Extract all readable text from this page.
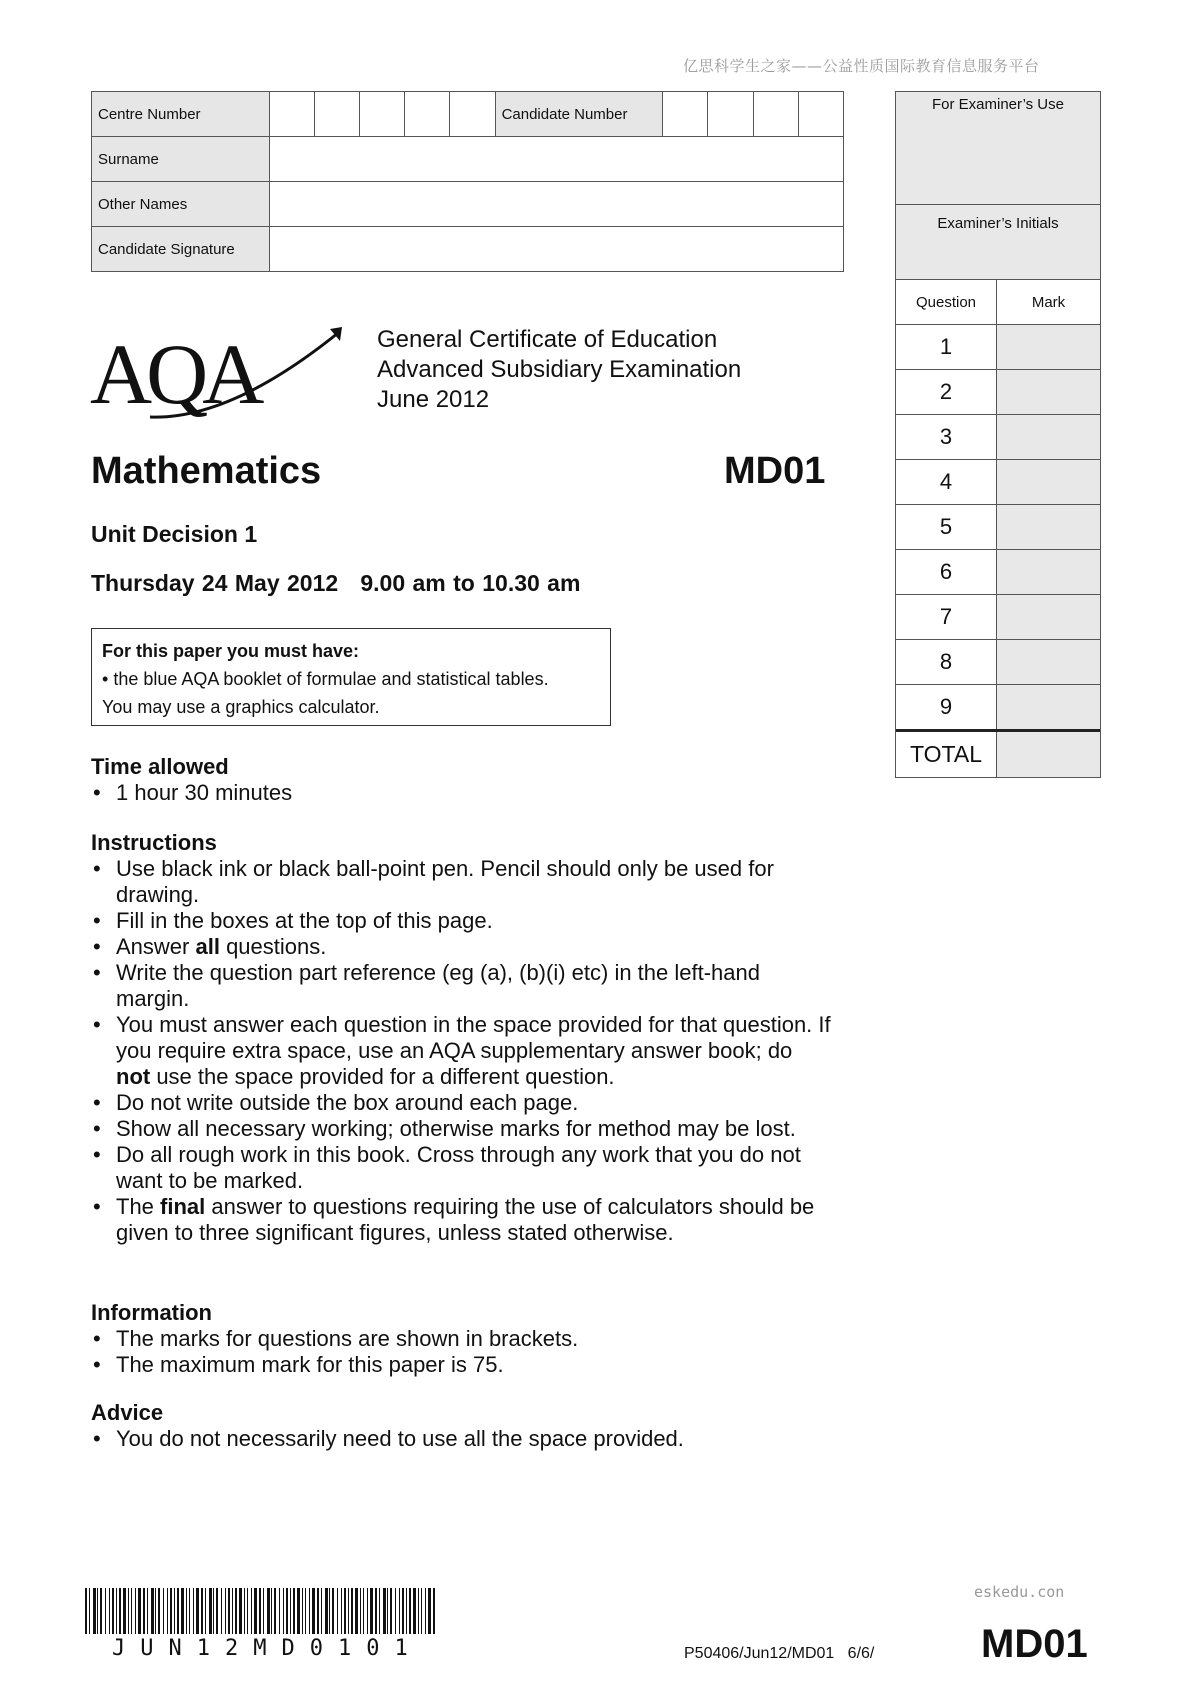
亿思科学生之家——公益性质国际教育信息服务平台
Centre Number						Candidate Number				
Surname										
Other Names										
Candidate Signature										
For Examiner’s Use
Examiner’s Initials
Question	Mark
1	
2	
3	
4	
5	
6	
7	
8	
9	
TOTAL	
AQA	General Certificate of Education
Advanced Subsidiary Examination
June 2012
Mathematics	MD01
Unit Decision 1
Thursday 24 May 2012   9.00 am to 10.30 am
For this paper you must have:
• the blue AQA booklet of formulae and statistical tables.
You may use a graphics calculator.
Time allowed
• 1 hour 30 minutes
Instructions
• Use black ink or black ball-point pen. Pencil should only be used for drawing.
• Fill in the boxes at the top of this page.
• Answer all questions.
• Write the question part reference (eg (a), (b)(i) etc) in the left-hand margin.
• You must answer each question in the space provided for that question. If you require extra space, use an AQA supplementary answer book; do not use the space provided for a different question.
• Do not write outside the box around each page.
• Show all necessary working; otherwise marks for method may be lost.
• Do all rough work in this book. Cross through any work that you do not want to be marked.
• The final answer to questions requiring the use of calculators should be given to three significant figures, unless stated otherwise.
Information
• The marks for questions are shown in brackets.
• The maximum mark for this paper is 75.
Advice
• You do not necessarily need to use all the space provided.
JUN12MD0101
eskedu.con
P50406/Jun12/MD01   6/6/	MD01
